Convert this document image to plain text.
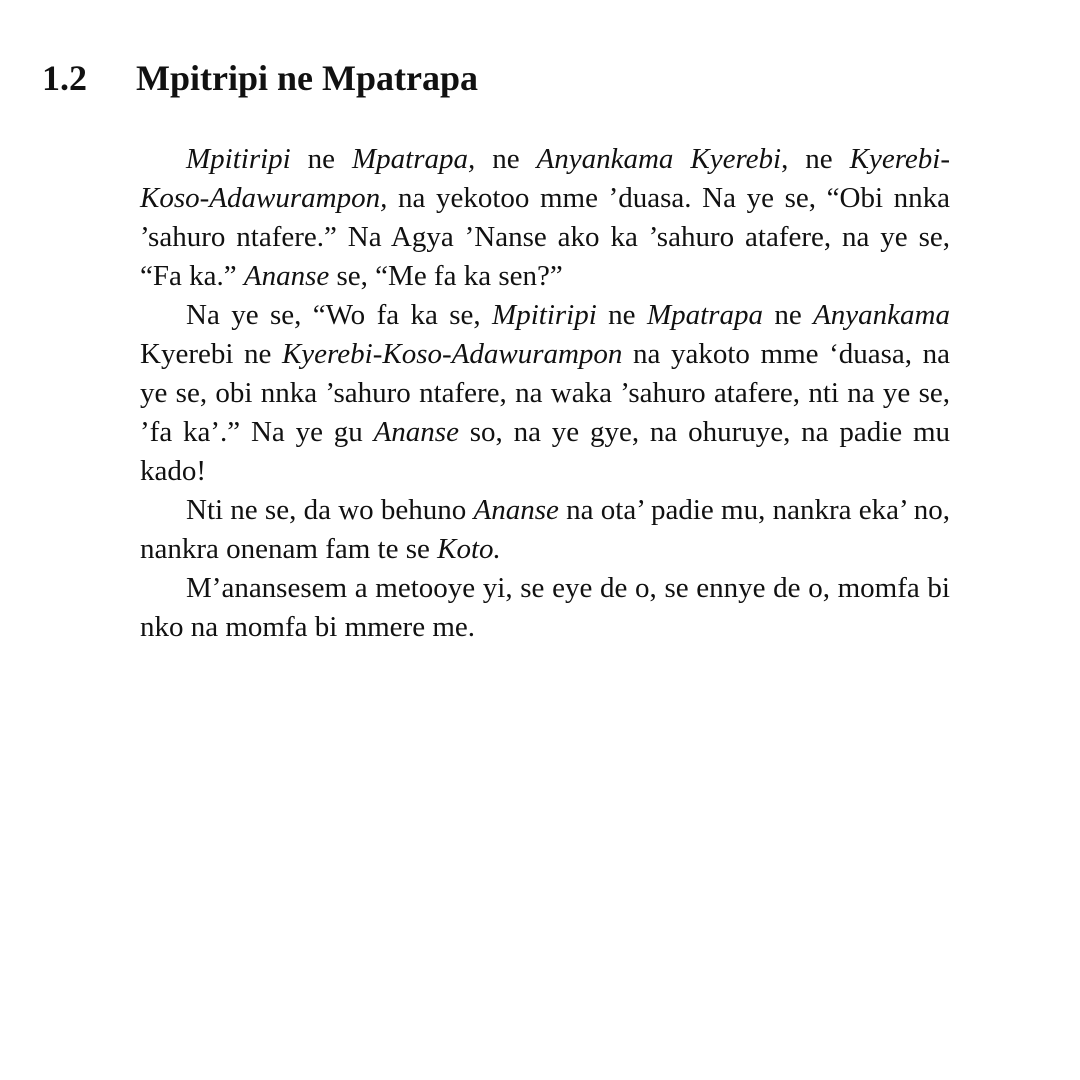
1.2 Mpitripi ne Mpatrapa

Mpitiripi ne Mpatrapa, ne Anyankama Kyerebi, ne Kyerebi-Koso-Adawurampon, na yekotoo mme ’duasa. Na ye se, “Obi nnka ’sahuro ntafere.” Na Agya ’Nanse ako ka ’sahuro atafere, na ye se, “Fa ka.” Ananse se, “Me fa ka sen?”

Na ye se, “Wo fa ka se, Mpitiripi ne Mpatrapa ne Anyankama Kyerebi ne Kyerebi-Koso-Adawurampon na yakoto mme ‘duasa, na ye se, obi nnka ’sahuro ntafere, na waka ’sahuro atafere, nti na ye se, ’fa ka’.” Na ye gu Ananse so, na ye gye, na ohuruye, na padie mu kado!

Nti ne se, da wo behuno Ananse na ota’ padie mu, nankra eka’ no, nankra onenam fam te se Koto.

M’anansesem a metooye yi, se eye de o, se ennye de o, momfa bi nko na momfa bi mmere me.
